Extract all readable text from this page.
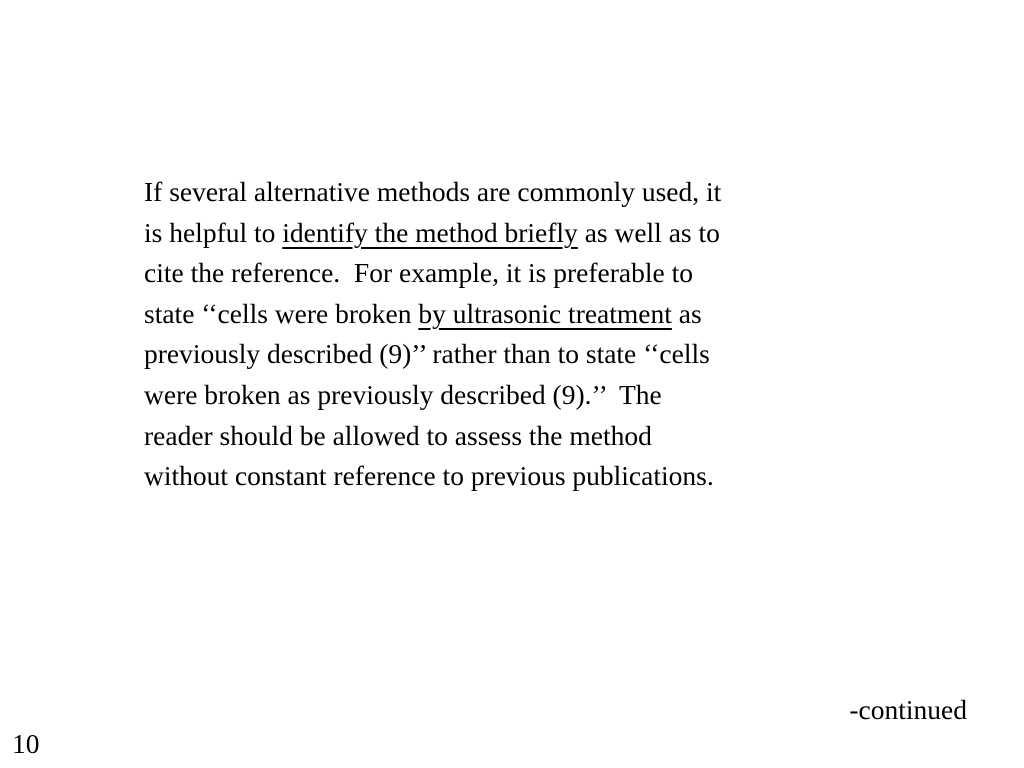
If several alternative methods are commonly used, it
is helpful to identify the method briefly as well as to
cite the reference.  For example, it is preferable to
state ‘‘cells were broken by ultrasonic treatment as
previously described (9)’’ rather than to state ‘‘cells
were broken as previously described (9).’’  The
reader should be allowed to assess the method
without constant reference to previous publications.
-continued
10
